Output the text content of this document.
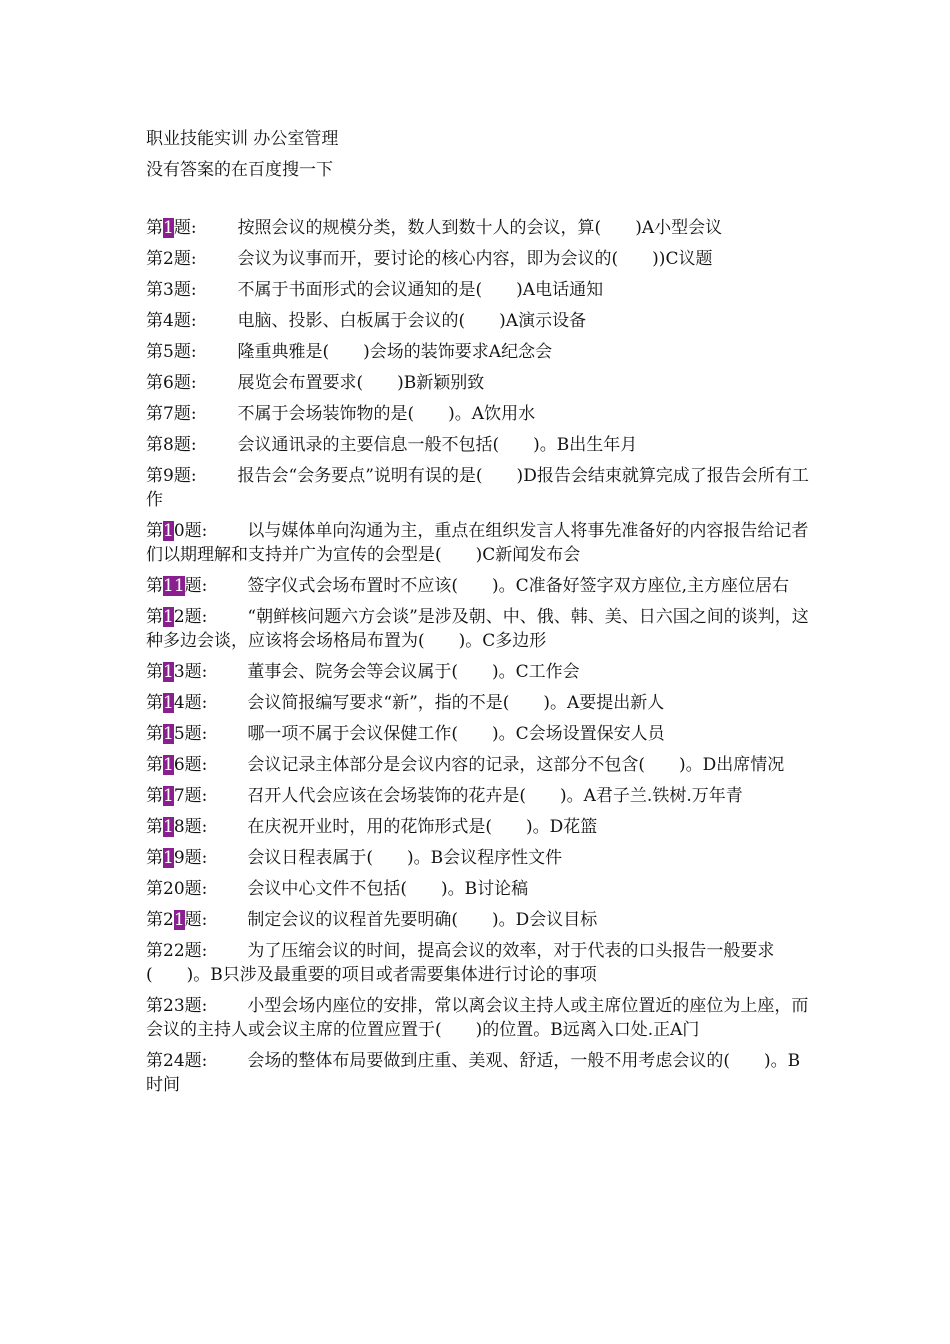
职业技能实训 办公室管理
没有答案的在百度搜一下
第1题: 按照会议的规模分类，数人到数十人的会议，算(　　)A小型会议
第2题: 会议为议事而开，要讨论的核心内容，即为会议的(　　))C议题
第3题: 不属于书面形式的会议通知的是(　　)A电话通知
第4题: 电脑、投影、白板属于会议的(　　)A演示设备
第5题: 隆重典雅是(　　)会场的装饰要求A纪念会
第6题: 展览会布置要求(　　)B新颖别致
第7题: 不属于会场装饰物的是(　　)。A饮用水
第8题: 会议通讯录的主要信息一般不包括(　　)。B出生年月
第9题: 报告会“会务要点”说明有误的是(　　)D报告会结束就算完成了报告会所有工作
第10题: 以与媒体单向沟通为主，重点在组织发言人将事先准备好的内容报告给记者们以期理解和支持并广为宣传的会型是(　　)C新闻发布会
第11题: 签字仪式会场布置时不应该(　　)。C准备好签字双方座位,主方座位居右
第12题: “朝鲜核问题六方会谈”是涉及朝、中、俄、韩、美、日六国之间的谈判，这种多边会谈，应该将会场格局布置为(　　)。C多边形
第13题: 董事会、院务会等会议属于(　　)。C工作会
第14题: 会议简报编写要求“新”，指的不是(　　)。A要提出新人
第15题: 哪一项不属于会议保健工作(　　)。C会场设置保安人员
第16题: 会议记录主体部分是会议内容的记录，这部分不包含(　　)。D出席情况
第17题: 召开人代会应该在会场装饰的花卉是(　　)。A君子兰.铁树.万年青
第18题: 在庆祝开业时，用的花饰形式是(　　)。D花篮
第19题: 会议日程表属于(　　)。B会议程序性文件
第20题: 会议中心文件不包括(　　)。B讨论稿
第21题: 制定会议的议程首先要明确(　　)。D会议目标
第22题: 为了压缩会议的时间，提高会议的效率，对于代表的口头报告一般要求(　　)。B只涉及最重要的项目或者需要集体进行讨论的事项
第23题: 小型会场内座位的安排，常以离会议主持人或主席位置近的座位为上座，而会议的主持人或会议主席的位置应置于(　　)的位置。B远离入口处.正A门
第24题: 会场的整体布局要做到庄重、美观、舒适，一般不用考虑会议的(　　)。B时间
